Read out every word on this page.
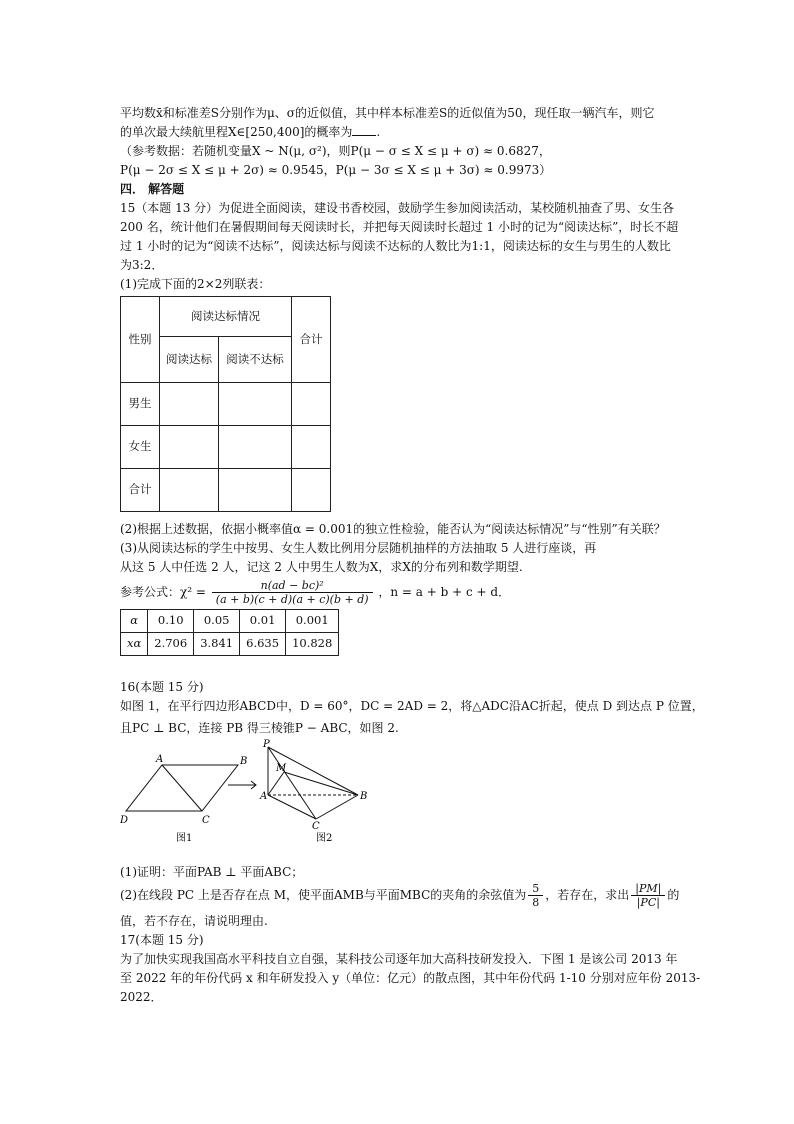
平均数x̄和标准差S分别作为μ、σ的近似值，其中样本标准差S的近似值为50，现任取一辆汽车，则它
的单次最大续航里程X∈[250,400]的概率为 .
（参考数据：若随机变量X ~ N(μ, σ²)，则P(μ − σ ≤ X ≤ μ + σ) ≈ 0.6827，
P(μ − 2σ ≤ X ≤ μ + 2σ) ≈ 0.9545，P(μ − 3σ ≤ X ≤ μ + 3σ) ≈ 0.9973）
四． 解答题
15（本题 13 分）为促进全面阅读，建设书香校园，鼓励学生参加阅读活动，某校随机抽查了男、女生各
200 名，统计他们在暑假期间每天阅读时长，并把每天阅读时长超过 1 小时的记为“阅读达标”，时长不超
过 1 小时的记为“阅读不达标”，阅读达标与阅读不达标的人数比为1:1，阅读达标的女生与男生的人数比
为3:2．
(1)完成下面的2×2列联表：
性别	阅读达标情况		合计
	阅读达标	阅读不达标	
男生			
女生			
合计			
(2)根据上述数据，依据小概率值α = 0.001的独立性检验，能否认为“阅读达标情况”与“性别”有关联？
(3)从阅读达标的学生中按男、女生人数比例用分层随机抽样的方法抽取 5 人进行座谈，再
从这 5 人中任选 2 人，记这 2 人中男生人数为X，求X的分布列和数学期望.
参考公式：$\chi^2 = \frac{\text{n(ad − bc)²}}{(a + b)(c + d)(a + c)(b + d)}$ ，n = a + b + c + d．
α	0.10	0.05	0.01	0.001
xα	2.706	3.841	6.635	10.828
16(本题 15 分)
如图 1，在平行四边形ABCD中，D = 60°，DC = 2AD = 2，将△ADC沿AC折起，使点 D 到达点 P 位置，
且PC ⊥ BC，连接 PB 得三棱锥P − ABC，如图 2.
A	B
C
D
图1
P
M
A	B
C
图2
(1)证明：平面PAB ⊥ 平面ABC；
(2)在线段 PC 上是否存在点 M，使平面AMB与平面MBC的夹角的余弦值为 $\frac{5}{8}$ ，若存在，求出 $\frac{|PM|}{|PC|}$ 的
值，若不存在，请说明理由.
17(本题 15 分)
为了加快实现我国高水平科技自立自强，某科技公司逐年加大高科技研发投入．下图 1 是该公司 2013 年
至 2022 年的年份代码 x 和年研发投入 y（单位：亿元）的散点图，其中年份代码 1-10 分别对应年份 2013-
2022．
